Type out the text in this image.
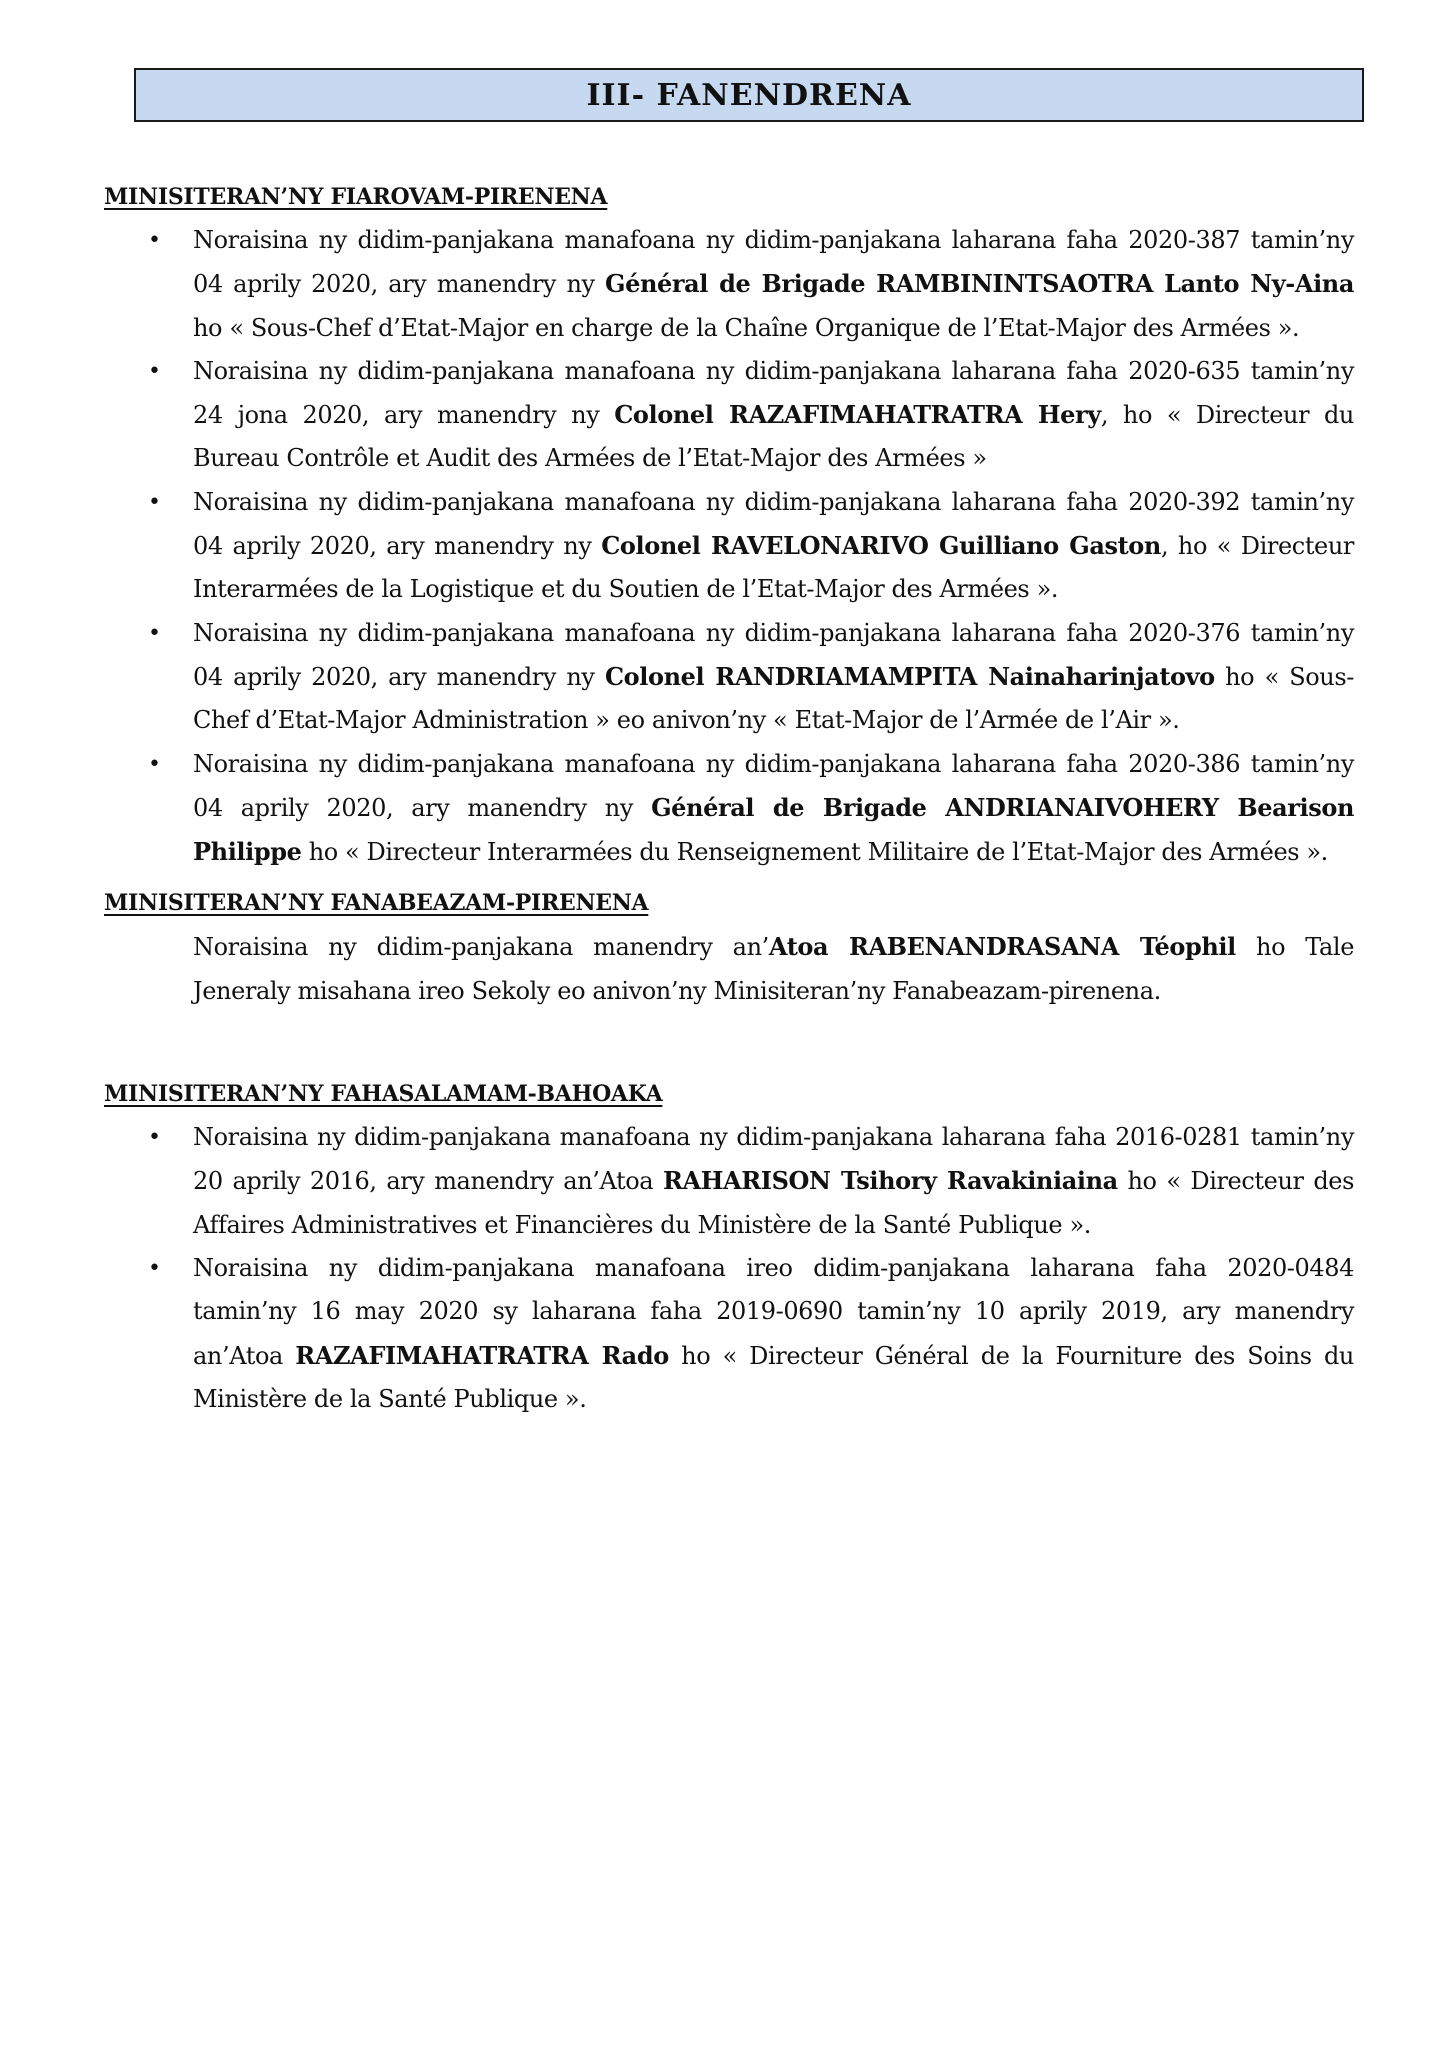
III- FANENDRENA
MINISITERAN’NY FIAROVAM-PIRENENA
• Noraisina ny didim-panjakana manafoana ny didim-panjakana laharana faha 2020-387 tamin’ny 04 aprily 2020, ary manendry ny Général de Brigade RAMBININTSAOTRA Lanto Ny-Aina ho « Sous-Chef d’Etat-Major en charge de la Chaîne Organique de l’Etat-Major des Armées ».
• Noraisina ny didim-panjakana manafoana ny didim-panjakana laharana faha 2020-635 tamin’ny 24 jona 2020, ary manendry ny Colonel RAZAFIMAHATRATRA Hery, ho « Directeur du Bureau Contrôle et Audit des Armées de l’Etat-Major des Armées »
• Noraisina ny didim-panjakana manafoana ny didim-panjakana laharana faha 2020-392 tamin’ny 04 aprily 2020, ary manendry ny Colonel RAVELONARIVO Guilliano Gaston, ho « Directeur Interarmées de la Logistique et du Soutien de l’Etat-Major des Armées ».
• Noraisina ny didim-panjakana manafoana ny didim-panjakana laharana faha 2020-376 tamin’ny 04 aprily 2020, ary manendry ny Colonel RANDRIAMAMPITA Nainaharinjatovo ho « Sous-Chef d’Etat-Major Administration » eo anivon’ny « Etat-Major de l’Armée de l’Air ».
• Noraisina ny didim-panjakana manafoana ny didim-panjakana laharana faha 2020-386 tamin’ny 04 aprily 2020, ary manendry ny Général de Brigade ANDRIANAIVOHERY Bearison Philippe ho « Directeur Interarmées du Renseignement Militaire de l’Etat-Major des Armées ».
MINISITERAN’NY FANABEAZAM-PIRENENA
Noraisina ny didim-panjakana manendry an’Atoa RABENANDRASANA Téophil ho Tale Jeneraly misahana ireo Sekoly eo anivon’ny Minisiteran’ny Fanabeazam-pirenena.
MINISITERAN’NY FAHASALAMAM-BAHOAKA
• Noraisina ny didim-panjakana manafoana ny didim-panjakana laharana faha 2016-0281 tamin’ny 20 aprily 2016, ary manendry an’Atoa RAHARISON Tsihory Ravakiniaina ho « Directeur des Affaires Administratives et Financières du Ministère de la Santé Publique ».
• Noraisina ny didim-panjakana manafoana ireo didim-panjakana laharana faha 2020-0484 tamin’ny 16 may 2020 sy laharana faha 2019-0690 tamin’ny 10 aprily 2019, ary manendry an’Atoa RAZAFIMAHATRATRA Rado ho « Directeur Général de la Fourniture des Soins du Ministère de la Santé Publique ».
